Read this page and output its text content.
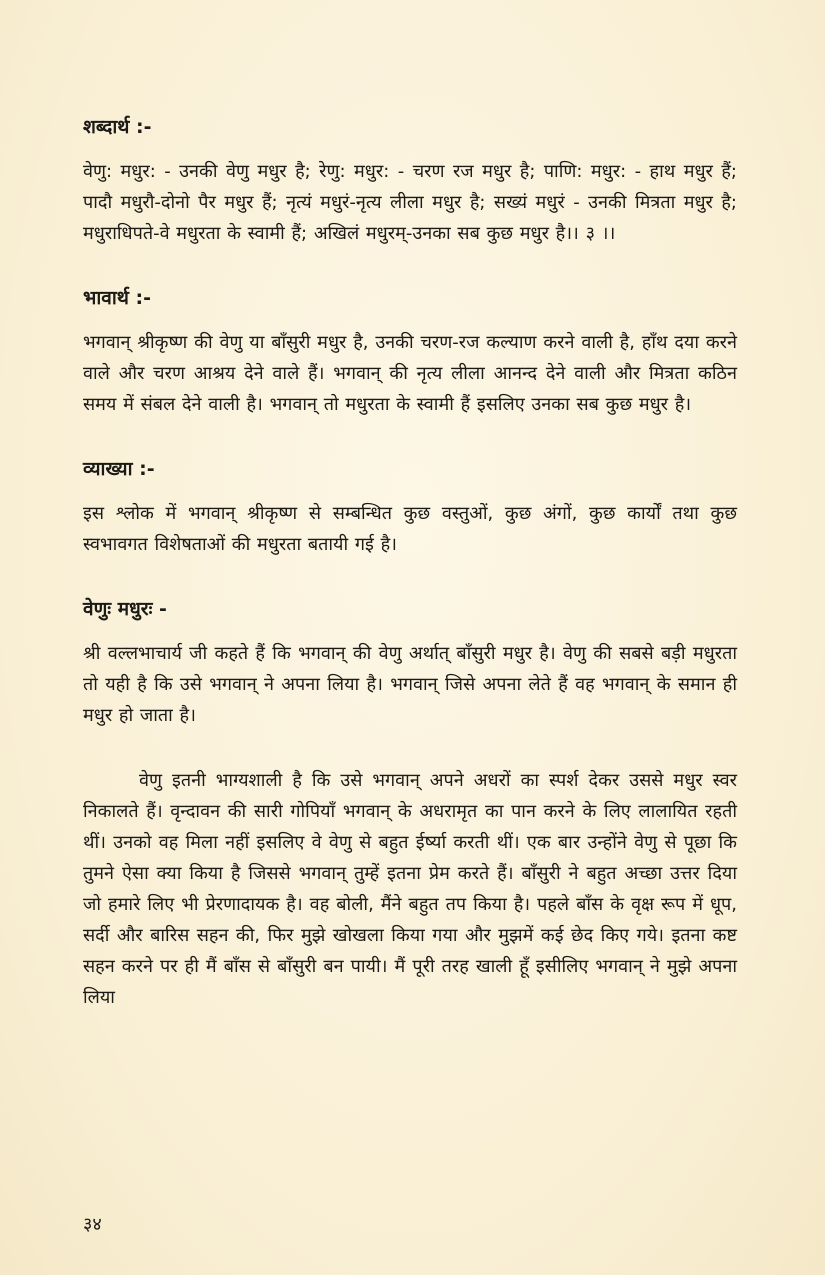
शब्दार्थ :-

वेणु: मधुर: - उनकी वेणु मधुर है; रेणु: मधुर: - चरण रज मधुर है; पाणि: मधुर: - हाथ मधुर हैं; पादौ मधुरौ-दोनो पैर मधुर हैं; नृत्यं मधुरं-नृत्य लीला मधुर है; सख्यं मधुरं - उनकी मित्रता मधुर है; मधुराधिपते-वे मधुरता के स्वामी हैं; अखिलं मधुरम्-उनका सब कुछ मधुर है।। ३ ।।

भावार्थ :-

भगवान् श्रीकृष्ण की वेणु या बाँसुरी मधुर है, उनकी चरण-रज कल्याण करने वाली है, हाँथ दया करने वाले और चरण आश्रय देने वाले हैं। भगवान् की नृत्य लीला आनन्द देने वाली और मित्रता कठिन समय में संबल देने वाली है। भगवान् तो मधुरता के स्वामी हैं इसलिए उनका सब कुछ मधुर है।

व्याख्या :-

इस श्लोक में भगवान् श्रीकृष्ण से सम्बन्धित कुछ वस्तुओं, कुछ अंगों, कुछ कार्यों तथा कुछ स्वभावगत विशेषताओं की मधुरता बतायी गई है।

वेणुः मधुरः -

श्री वल्लभाचार्य जी कहते हैं कि भगवान् की वेणु अर्थात् बाँसुरी मधुर है। वेणु की सबसे बड़ी मधुरता तो यही है कि उसे भगवान् ने अपना लिया है। भगवान् जिसे अपना लेते हैं वह भगवान् के समान ही मधुर हो जाता है।

वेणु इतनी भाग्यशाली है कि उसे भगवान् अपने अधरों का स्पर्श देकर उससे मधुर स्वर निकालते हैं। वृन्दावन की सारी गोपियाँ भगवान् के अधरामृत का पान करने के लिए लालायित रहती थीं। उनको वह मिला नहीं इसलिए वे वेणु से बहुत ईर्ष्या करती थीं। एक बार उन्होंने वेणु से पूछा कि तुमने ऐसा क्या किया है जिससे भगवान् तुम्हें इतना प्रेम करते हैं। बाँसुरी ने बहुत अच्छा उत्तर दिया जो हमारे लिए भी प्रेरणादायक है। वह बोली, मैंने बहुत तप किया है। पहले बाँस के वृक्ष रूप में धूप, सर्दी और बारिस सहन की, फिर मुझे खोखला किया गया और मुझमें कई छेद किए गये। इतना कष्ट सहन करने पर ही मैं बाँस से बाँसुरी बन पायी। मैं पूरी तरह खाली हूँ इसीलिए भगवान् ने मुझे अपना लिया

३४
